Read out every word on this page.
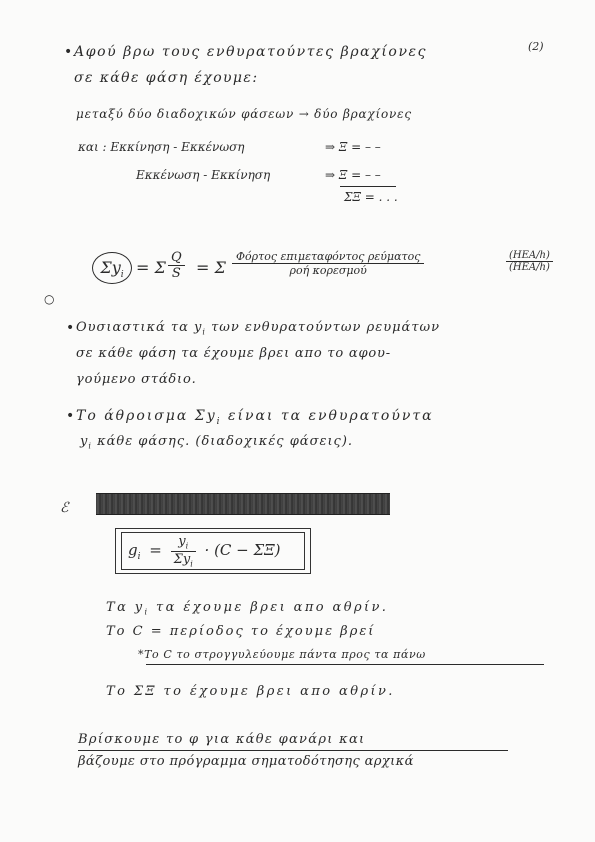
• Αφού βρω τους ενθυρατούντες βραχίονες	(2)
σε κάθε φάση έχουμε:
μεταξύ δύο διαδοχικών φάσεων → δύο βραχίονες
και : Εκκίνηση - Εκκένωση	⇒ Ξ = – –
Εκκένωση - Εκκίνηση	⇒ Ξ = – –
ΣΞ = . . .
$\Sigma y_i = \Sigma \frac{Q}{S} = \Sigma$
Φόρτος επιμεταφόντος ρεύματος
ροή κορεσμού
(ΗΕΑ/h)
(ΗΕΑ/h)
○
• Ουσιαστικά τα $y_i$ των ενθυρατούντων ρευμάτων
σε κάθε φάση τα έχουμε βρει απο το αφου-
γούμενο στάδιο.
• Το άθροισμα $\Sigma y_i$ είναι τα ενθυρατούντα
$y_i$ κάθε φάσης. (διαδοχικές φάσεις).
ℰ
$g_i = \frac{y_i}{\Sigma y_i} \cdot (C - \Sigma\Xi)$
Τα $y_i$ τα έχουμε βρει απο αθρίν.
Το C = περίοδος το έχουμε βρεί
*Το C το στρογγυλεύουμε πάντα προς τα πάνω
Το ΣΞ το έχουμε βρει απο αθρίν.
Βρίσκουμε το φ για κάθε φανάρι και
βάζουμε στο πρόγραμμα σηματοδότησης αρχικά
